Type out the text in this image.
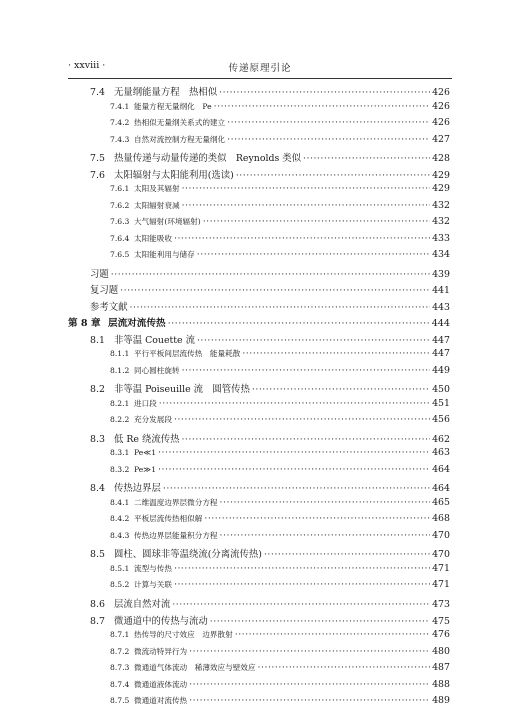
· xxviii ·	传递原理引论
7.4 无量纲能量方程　热相似 ·····	426
7.4.1 能量方程无量纲化　Pe ·····	426
7.4.2 热相似无量纲关系式的建立 ·····	426
7.4.3 自然对流控制方程无量纲化 ·····	427
7.5 热量传递与动量传递的类似　Reynolds 类似 ·····	428
7.6 太阳辐射与太阳能利用(选读) ·····	429
7.6.1 太阳及其辐射 ·····	429
7.6.2 太阳辐射衰减 ·····	432
7.6.3 大气辐射(环境辐射) ·····	432
7.6.4 太阳能吸收 ·····	433
7.6.5 太阳能利用与储存 ·····	434
习题 ·····	439
复习题 ·····	441
参考文献 ·····	443
第 8 章 层流对流传热 ·····	444
8.1 非等温 Couette 流 ·····	447
8.1.1 平行平板间层流传热　能量耗散 ·····	447
8.1.2 同心圆柱旋转 ·····	449
8.2 非等温 Poiseuille 流　圆管传热 ·····	450
8.2.1 进口段 ·····	451
8.2.2 充分发展段 ·····	456
8.3 低 Re 绕流传热 ·····	462
8.3.1 Pe≪1 ·····	463
8.3.2 Pe≫1 ·····	464
8.4 传热边界层 ·····	464
8.4.1 二维温度边界层微分方程 ·····	465
8.4.2 平板层流传热相似解 ·····	468
8.4.3 传热边界层能量积分方程 ·····	470
8.5 圆柱、圆球非等温绕流(分离流传热) ·····	470
8.5.1 流型与传热 ·····	471
8.5.2 计算与关联 ·····	471
8.6 层流自然对流 ·····	473
8.7 微通道中的传热与流动 ·····	475
8.7.1 热传导的尺寸效应　边界散射 ·····	476
8.7.2 微流动特异行为 ·····	480
8.7.3 微通道气体流动　稀薄效应与壁效应 ·····	487
8.7.4 微通道液体流动 ·····	488
8.7.5 微通道对流传热 ·····	489
